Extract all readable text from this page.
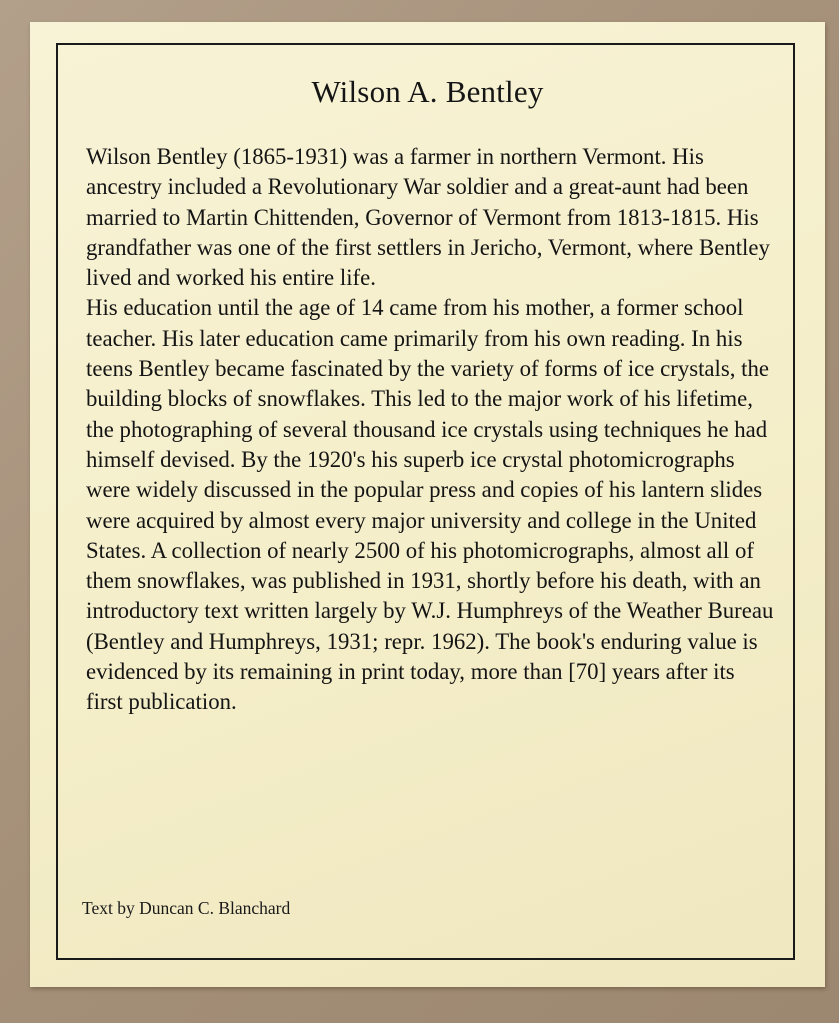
Wilson A. Bentley

Wilson Bentley (1865-1931) was a farmer in northern Vermont. His ancestry included a Revolutionary War soldier and a great-aunt had been married to Martin Chittenden, Governor of Vermont from 1813-1815. His grandfather was one of the first settlers in Jericho, Vermont, where Bentley lived and worked his entire life.

His education until the age of 14 came from his mother, a former school teacher. His later education came primarily from his own reading. In his teens Bentley became fascinated by the variety of forms of ice crystals, the building blocks of snowflakes. This led to the major work of his lifetime, the photographing of several thousand ice crystals using techniques he had himself devised. By the 1920's his superb ice crystal photomicrographs were widely discussed in the popular press and copies of his lantern slides were acquired by almost every major university and college in the United States. A collection of nearly 2500 of his photomicrographs, almost all of them snowflakes, was published in 1931, shortly before his death, with an introductory text written largely by W.J. Humphreys of the Weather Bureau (Bentley and Humphreys, 1931; repr. 1962). The book's enduring value is evidenced by its remaining in print today, more than [70] years after its first publication.

Text by Duncan C. Blanchard
